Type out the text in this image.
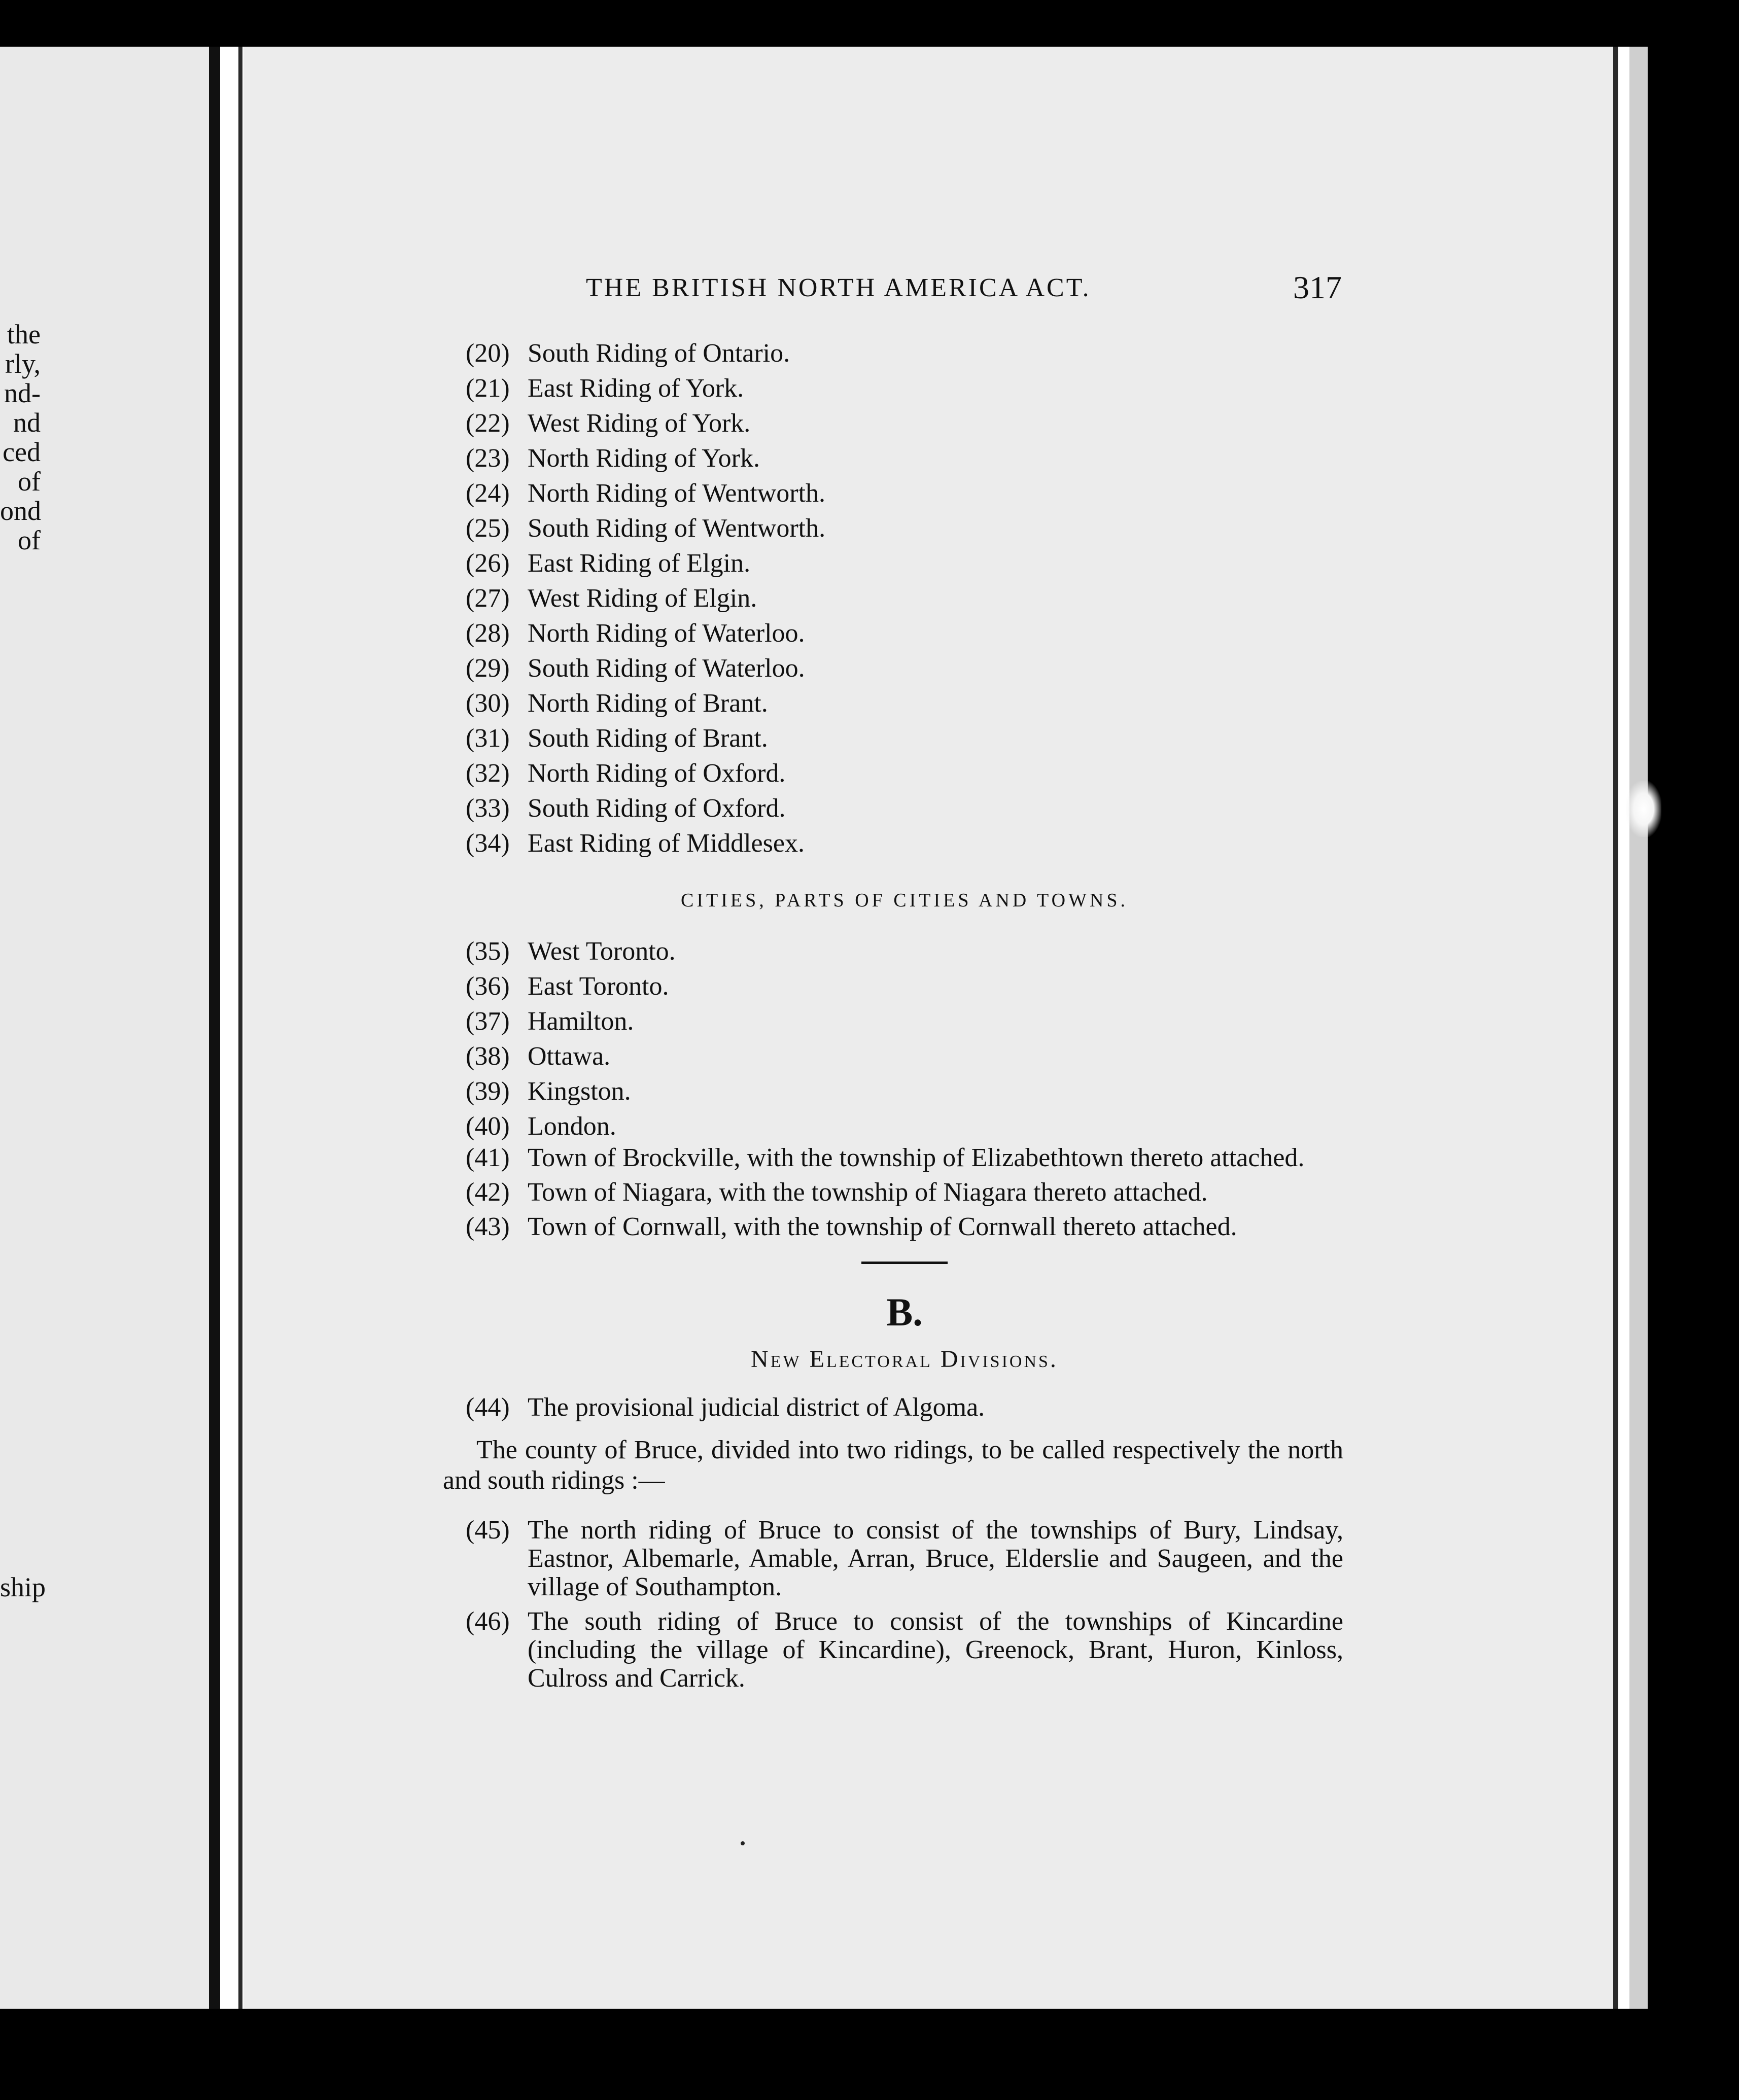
the
rly,
nd-
nd
ced
of
ond
of
ship
THE BRITISH NORTH AMERICA ACT.	317
(20) South Riding of Ontario.
(21) East Riding of York.
(22) West Riding of York.
(23) North Riding of York.
(24) North Riding of Wentworth.
(25) South Riding of Wentworth.
(26) East Riding of Elgin.
(27) West Riding of Elgin.
(28) North Riding of Waterloo.
(29) South Riding of Waterloo.
(30) North Riding of Brant.
(31) South Riding of Brant.
(32) North Riding of Oxford.
(33) South Riding of Oxford.
(34) East Riding of Middlesex.
CITIES, PARTS OF CITIES AND TOWNS.
(35) West Toronto.
(36) East Toronto.
(37) Hamilton.
(38) Ottawa.
(39) Kingston.
(40) London.
(41) Town of Brockville, with the township of Elizabethtown thereto attached.
(42) Town of Niagara, with the township of Niagara thereto attached.
(43) Town of Cornwall, with the township of Cornwall thereto attached.
B.
New Electoral Divisions.
(44) The provisional judicial district of Algoma.
The county of Bruce, divided into two ridings, to be called respectively the north and south ridings :—
(45) The north riding of Bruce to consist of the townships of Bury, Lindsay, Eastnor, Albemarle, Amable, Arran, Bruce, Elderslie and Saugeen, and the village of Southampton.
(46) The south riding of Bruce to consist of the townships of Kincardine (including the village of Kincardine), Greenock, Brant, Huron, Kinloss, Culross and Carrick.
